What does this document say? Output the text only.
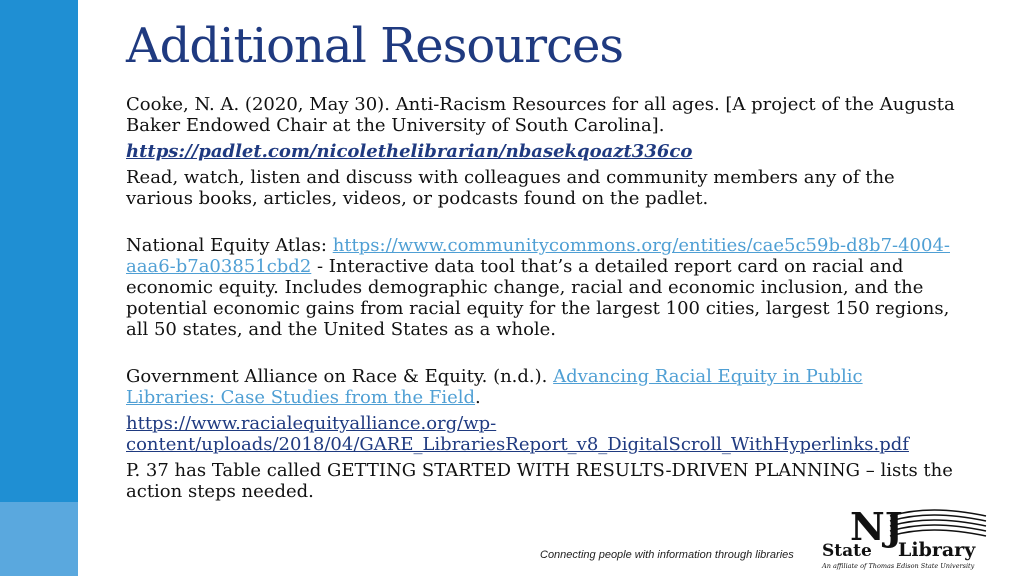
Additional Resources

Cooke, N. A. (2020, May 30). Anti-Racism Resources for all ages. [A project of the Augusta Baker Endowed Chair at the University of South Carolina].

https://padlet.com/nicolethelibrarian/nbasekqoazt336co

Read, watch, listen and discuss with colleagues and community members any of the various books, articles, videos, or podcasts found on the padlet.

National Equity Atlas: https://www.communitycommons.org/entities/cae5c59b-d8b7-4004-aaa6-b7a03851cbd2 - Interactive data tool that’s a detailed report card on racial and economic equity. Includes demographic change, racial and economic inclusion, and the potential economic gains from racial equity for the largest 100 cities, largest 150 regions, all 50 states, and the United States as a whole.

Government Alliance on Race & Equity. (n.d.). Advancing Racial Equity in Public Libraries: Case Studies from the Field.

https://www.racialequityalliance.org/wp-content/uploads/2018/04/GARE_LibrariesReport_v8_DigitalScroll_WithHyperlinks.pdf

P. 37 has Table called GETTING STARTED WITH RESULTS-DRIVEN PLANNING – lists the action steps needed.

Connecting people with information through libraries
NJ
State Library
An affiliate of Thomas Edison State University
